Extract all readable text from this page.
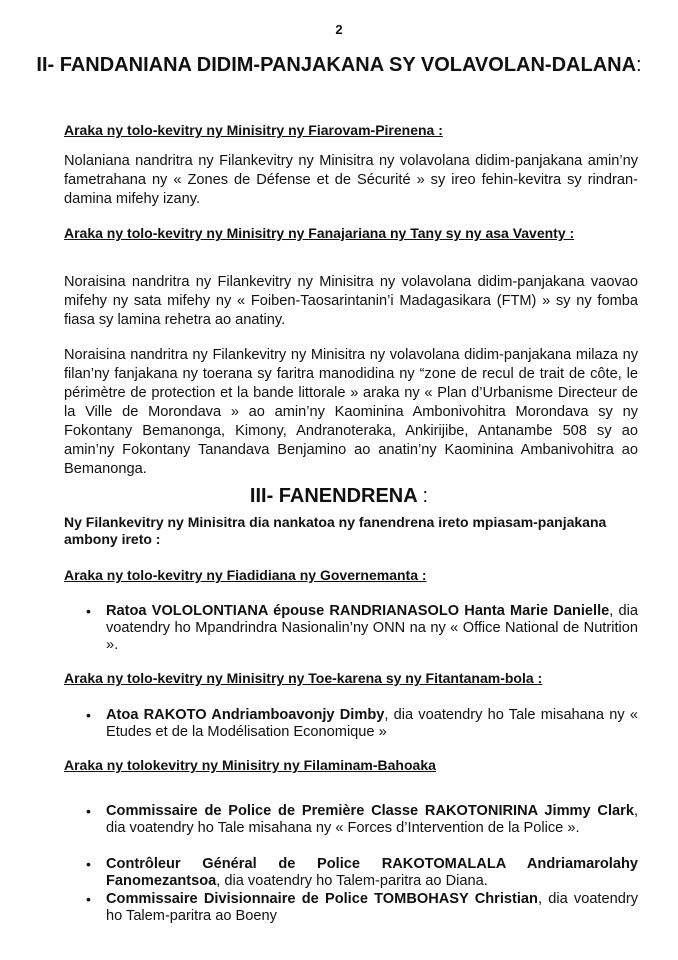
2
II- FANDANIANA DIDIM-PANJAKANA SY VOLAVOLAN-DALANA:
Araka ny tolo-kevitry ny Minisitry ny Fiarovam-Pirenena :
Nolaniana nandritra ny Filankevitry ny Minisitra ny volavolana didim-panjakana amin’ny fametrahana ny « Zones de Défense et de Sécurité » sy ireo fehin-kevitra sy rindran-damina mifehy izany.
Araka ny tolo-kevitry ny Minisitry ny Fanajariana ny Tany sy ny asa Vaventy :
Noraisina nandritra ny Filankevitry ny Minisitra ny volavolana didim-panjakana vaovao mifehy ny sata mifehy ny « Foiben-Taosarintanin’i Madagasikara (FTM) » sy ny fomba fiasa sy lamina rehetra ao anatiny.
Noraisina nandritra ny Filankevitry ny Minisitra ny volavolana didim-panjakana milaza ny filan’ny fanjakana ny toerana sy faritra manodidina ny “zone de recul de trait de côte, le périmètre de protection et la bande littorale » araka ny « Plan d’Urbanisme Directeur de la Ville de Morondava » ao amin’ny Kaominina Ambonivohitra Morondava sy ny Fokontany Bemanonga, Kimony, Andranoteraka, Ankirijibe, Antanambe 508 sy ao amin’ny Fokontany Tanandava Benjamino ao anatin’ny Kaominina Ambanivohitra ao Bemanonga.
III- FANENDRENA :
Ny Filankevitry ny Minisitra dia nankatoa ny fanendrena ireto mpiasam-panjakana ambony ireto :
Araka ny tolo-kevitry ny Fiadidiana ny Governemanta :
• Ratoa VOLOLONTIANA épouse RANDRIANASOLO Hanta Marie Danielle, dia voatendry ho Mpandrindra Nasionalin’ny ONN na ny « Office National de Nutrition ».
Araka ny tolo-kevitry ny Minisitry ny Toe-karena sy ny Fitantanam-bola :
• Atoa RAKOTO Andriamboavonjy Dimby, dia voatendry ho Tale misahana ny « Etudes et de la Modélisation Economique »
Araka ny tolokevitry ny Minisitry ny Filaminam-Bahoaka
• Commissaire de Police de Première Classe RAKOTONIRINA Jimmy Clark, dia voatendry ho Tale misahana ny « Forces d’Intervention de la Police ».
• Contrôleur Général de Police RAKOTOMALALA Andriamarolahy Fanomezantsoa, dia voatendry ho Talem-paritra ao Diana.
• Commissaire Divisionnaire de Police TOMBOHASY Christian, dia voatendry ho Talem-paritra ao Boeny
